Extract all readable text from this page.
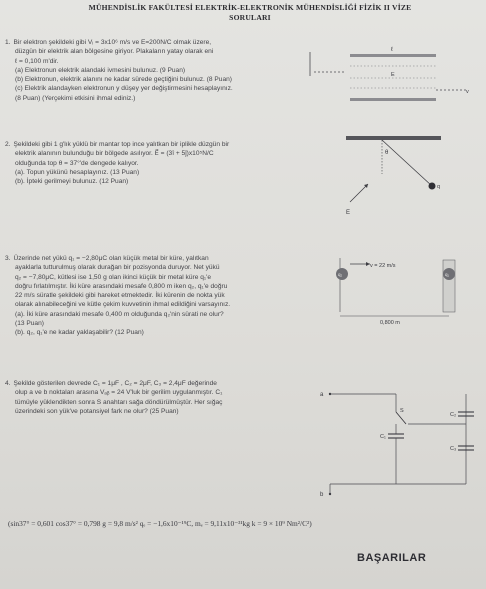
MÜHENDİSLİK FAKÜLTESİ ELEKTRİK-ELEKTRONİK MÜHENDİSLİĞİ FİZİK II VİZE
SORULARI
1. Bir elektron şekildeki gibi Vᵢ = 3x10⁶ m/s ve E=200N/C olmak üzere,
düzgün bir elektrik alan bölgesine giriyor. Plakaların yatay olarak eni
ℓ = 0,100 m'dir.
(a) Elektronun elektrik alandaki ivmesini bulunuz. (9 Puan)
(b) Elektronun, elektrik alanını ne kadar sürede geçtiğini bulunuz. (8 Puan)
(c) Elektrik alandayken elektronun y düşey yer değiştirmesini hesaplayınız.
(8 Puan) (Yerçekimi etkisini ihmal ediniz.)
ℓ
E
v
2. Şekildeki gibi 1 g'lık yüklü bir mantar top ince yalıtkan bir iplikle düzgün bir
elektrik alanının bulunduğu bir bölgede asılıyor. E⃗ = (3î + 5ĵ)x10⁵N/C
olduğunda top θ = 37°'de dengede kalıyor.
(a). Topun yükünü hesaplayınız. (13 Puan)
(b). İpteki gerilmeyi bulunuz. (12 Puan)
θ
q
E
3. Üzerinde net yükü q₁ = −2,80μC olan küçük metal bir küre, yalıtkan
ayaklarla tutturulmuş olarak durağan bir pozisyonda duruyor. Net yükü
q₂ = −7,80μC, kütlesi ise 1,50 g olan ikinci küçük bir metal küre q₁'e
doğru fırlatılmıştır. İki küre arasındaki mesafe 0,800 m iken q₂, q₁'e doğru
22 m/s süratle şekildeki gibi hareket etmektedir. İki kürenin de nokta yük
olarak alınabileceğini ve kütle çekim kuvvetinin ihmal edildiğini varsayınız.
(a). İki küre arasındaki mesafe 0,400 m olduğunda q₂'nin sürati ne olur?
(13 Puan)
(b). q₂, q₁'e ne kadar yaklaşabilir? (12 Puan)
q₂	q₁
v = 22 m/s
0,800 m
4. Şekilde gösterilen devrede C₁ = 1μF , C₂ = 2μF, C₃ = 2,4μF değerinde
olup a ve b noktaları arasına Vₐᵦ = 24 V'luk bir gerilim uygulanmıştır. C₁
tümüyle yüklendikten sonra S anahtarı sağa döndürülmüştür. Her sığaç
üzerindeki son yük've potansiyel fark ne olur? (25 Puan)
a
b
S
C₁
C₂
C₃
(sin37° = 0,601 cos37° = 0,798 g = 9,8 m/s² qₑ = −1,6x10⁻¹⁹C, mₑ = 9,11x10⁻³¹kg k = 9 × 10⁹ Nm²/C²)
BAŞARILAR
